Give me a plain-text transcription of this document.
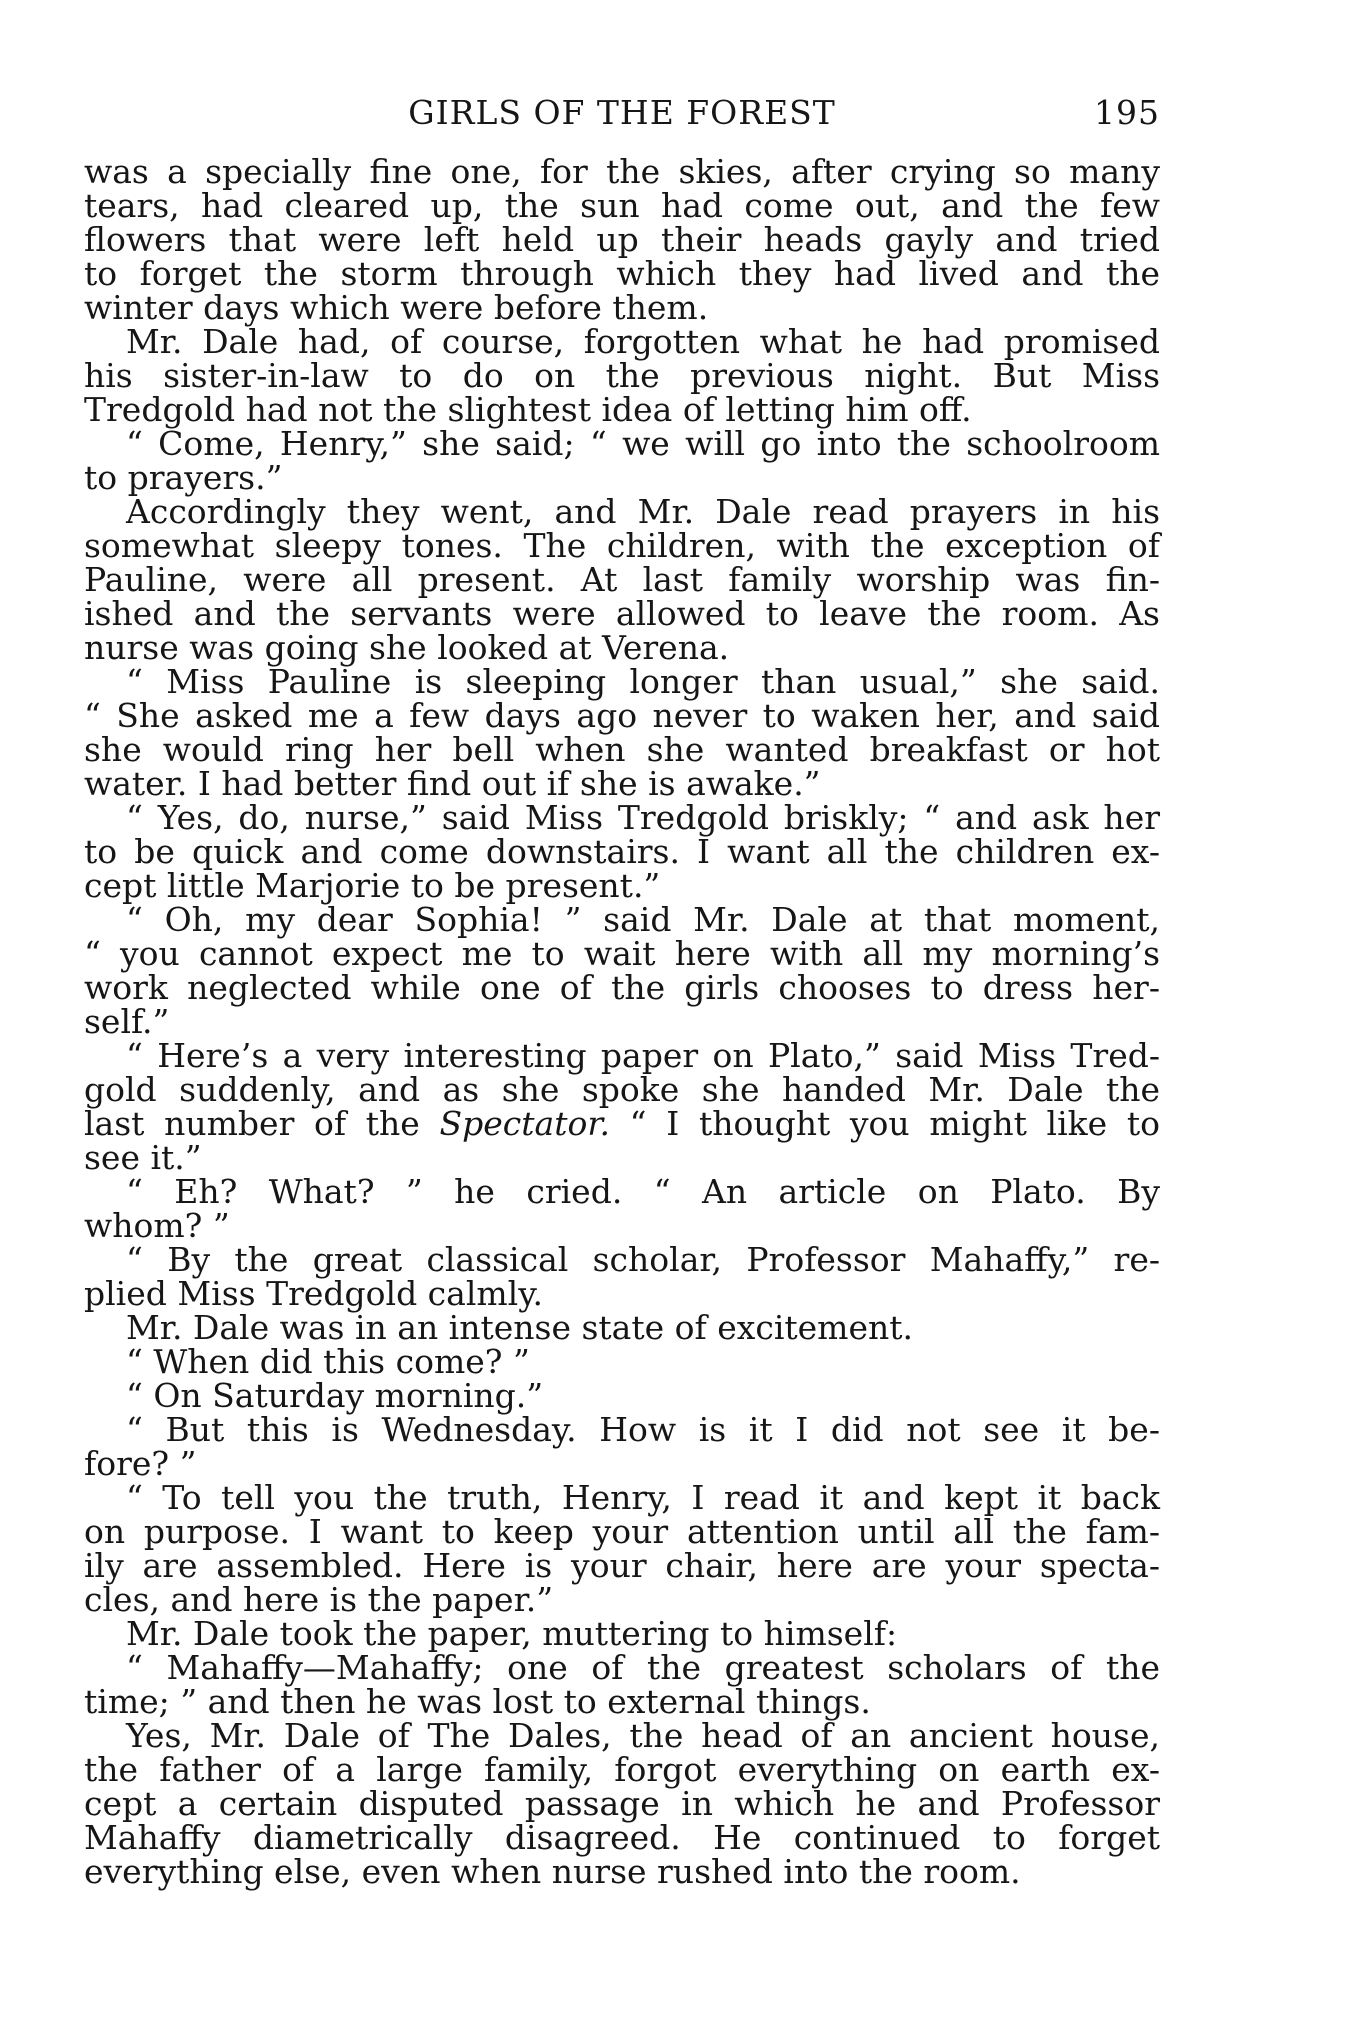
GIRLS OF THE FOREST	195
was a specially fine one, for the skies, after crying so many
tears, had cleared up, the sun had come out, and the few
flowers that were left held up their heads gayly and tried
to forget the storm through which they had lived and the
winter days which were before them.
Mr. Dale had, of course, forgotten what he had promised
his sister-in-law to do on the previous night. But Miss
Tredgold had not the slightest idea of letting him off.
“ Come, Henry,” she said; “ we will go into the schoolroom
to prayers.”
Accordingly they went, and Mr. Dale read prayers in his
somewhat sleepy tones. The children, with the exception of
Pauline, were all present. At last family worship was fin-
ished and the servants were allowed to leave the room. As
nurse was going she looked at Verena.
“ Miss Pauline is sleeping longer than usual,” she said.
“ She asked me a few days ago never to waken her, and said
she would ring her bell when she wanted breakfast or hot
water. I had better find out if she is awake.”
“ Yes, do, nurse,” said Miss Tredgold briskly; “ and ask her
to be quick and come downstairs. I want all the children ex-
cept little Marjorie to be present.”
“ Oh, my dear Sophia! ” said Mr. Dale at that moment,
“ you cannot expect me to wait here with all my morning’s
work neglected while one of the girls chooses to dress her-
self.”
“ Here’s a very interesting paper on Plato,” said Miss Tred-
gold suddenly, and as she spoke she handed Mr. Dale the
last number of the Spectator. “ I thought you might like to
see it.”
“ Eh? What? ” he cried. “ An article on Plato. By
whom? ”
“ By the great classical scholar, Professor Mahaffy,” re-
plied Miss Tredgold calmly.
Mr. Dale was in an intense state of excitement.
“ When did this come? ”
“ On Saturday morning.”
“ But this is Wednesday. How is it I did not see it be-
fore? ”
“ To tell you the truth, Henry, I read it and kept it back
on purpose. I want to keep your attention until all the fam-
ily are assembled. Here is your chair, here are your specta-
cles, and here is the paper.”
Mr. Dale took the paper, muttering to himself:
“ Mahaffy—Mahaffy; one of the greatest scholars of the
time; ” and then he was lost to external things.
Yes, Mr. Dale of The Dales, the head of an ancient house,
the father of a large family, forgot everything on earth ex-
cept a certain disputed passage in which he and Professor
Mahaffy diametrically disagreed. He continued to forget
everything else, even when nurse rushed into the room.
